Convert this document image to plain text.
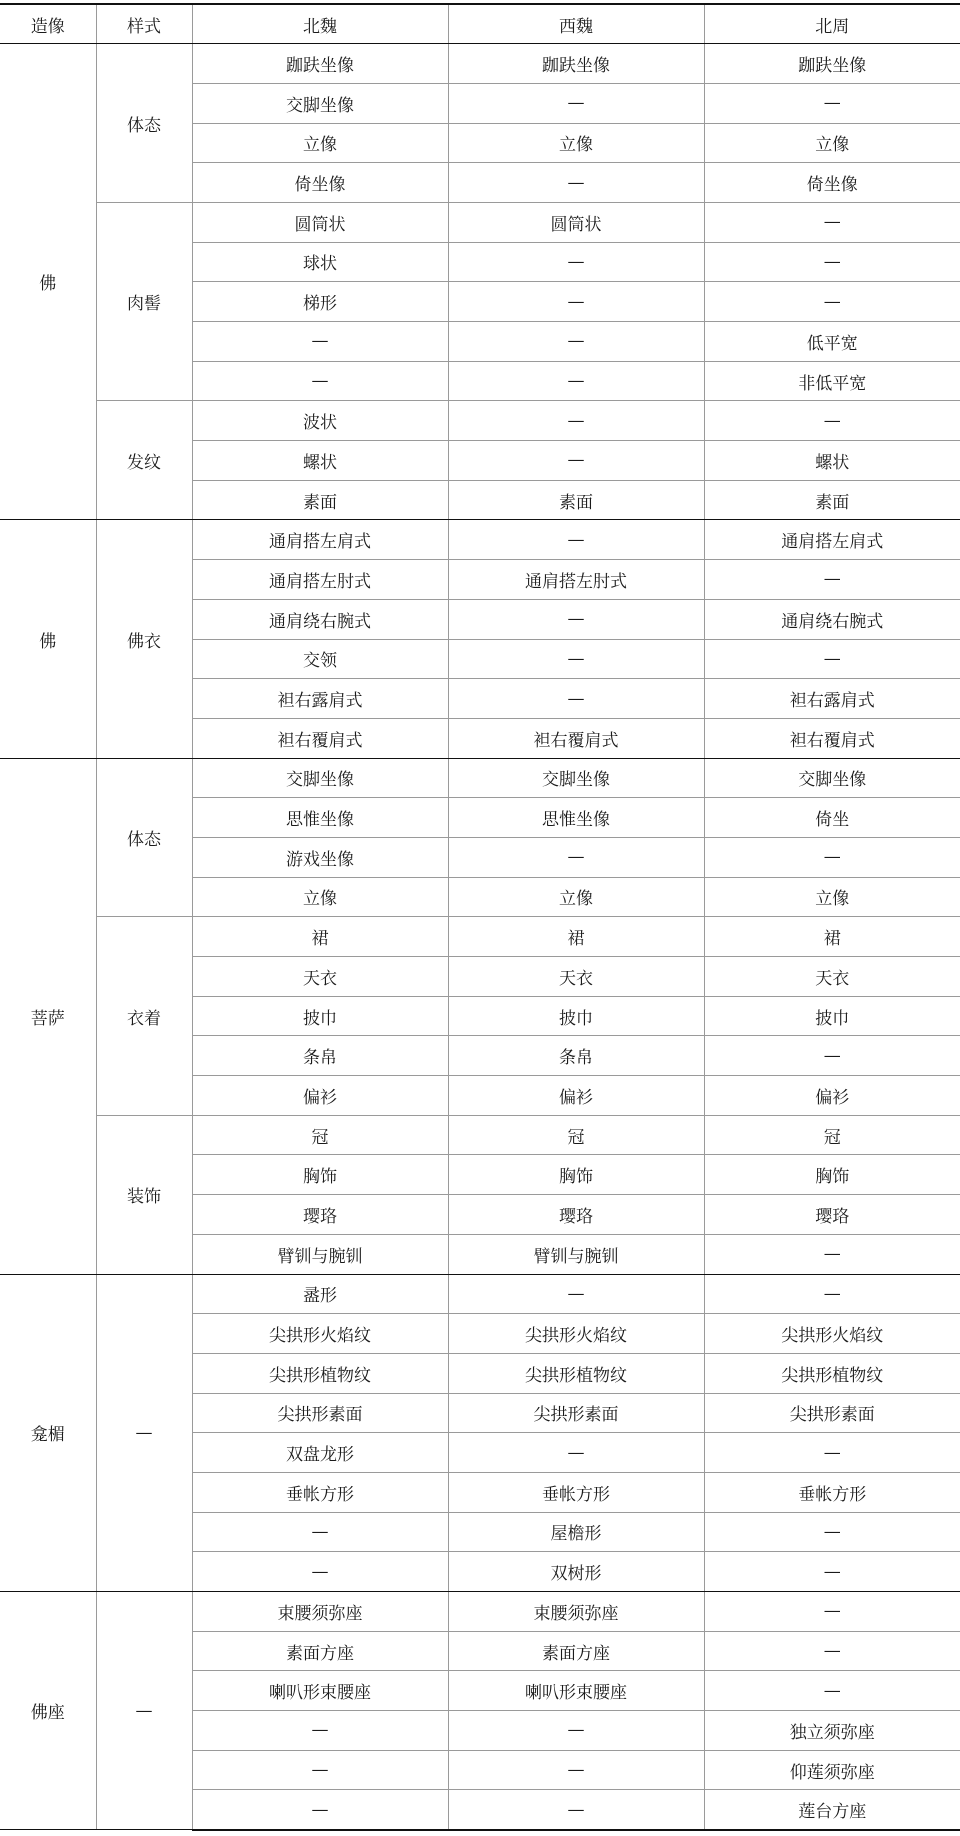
造像	样式	北魏	西魏	北周
佛	体态	跏趺坐像	跏趺坐像	跏趺坐像
		交脚坐像	—	—
		立像	立像	立像
		倚坐像	—	倚坐像
	肉髻	圆筒状	圆筒状	—
		球状	—	—
		梯形	—	—
		—	—	低平宽
		—	—	非低平宽
	发纹	波状	—	—
		螺状	—	螺状
		素面	素面	素面
佛	佛衣	通肩搭左肩式	—	通肩搭左肩式
		通肩搭左肘式	通肩搭左肘式	—
		通肩绕右腕式	—	通肩绕右腕式
		交领	—	—
		袒右露肩式	—	袒右露肩式
		袒右覆肩式	袒右覆肩式	袒右覆肩式
菩萨	体态	交脚坐像	交脚坐像	交脚坐像
		思惟坐像	思惟坐像	倚坐
		游戏坐像	—	—
		立像	立像	立像
	衣着	裙	裙	裙
		天衣	天衣	天衣
		披巾	披巾	披巾
		条帛	条帛	—
		偏衫	偏衫	偏衫
	装饰	冠	冠	冠
		胸饰	胸饰	胸饰
		璎珞	璎珞	璎珞
		臂钏与腕钏	臂钏与腕钏	—
龛楣	—	盝形	—	—
		尖拱形火焰纹	尖拱形火焰纹	尖拱形火焰纹
		尖拱形植物纹	尖拱形植物纹	尖拱形植物纹
		尖拱形素面	尖拱形素面	尖拱形素面
		双盘龙形	—	—
		垂帐方形	垂帐方形	垂帐方形
		—	屋檐形	—
		—	双树形	—
佛座	—	束腰须弥座	束腰须弥座	—
		素面方座	素面方座	—
		喇叭形束腰座	喇叭形束腰座	—
		—	—	独立须弥座
		—	—	仰莲须弥座
		—	—	莲台方座
